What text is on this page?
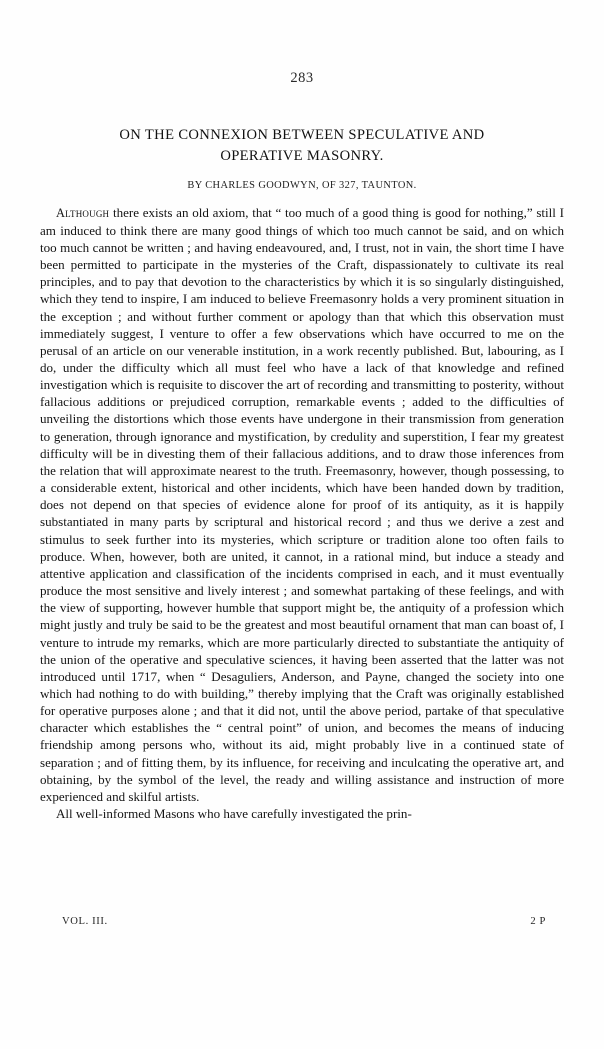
283
ON THE CONNEXION BETWEEN SPECULATIVE AND
OPERATIVE MASONRY.
BY CHARLES GOODWYN, OF 327, TAUNTON.

Although there exists an old axiom, that “ too much of a good thing is good for nothing,” still I am induced to think there are many good things of which too much cannot be said, and on which too much cannot be written ; and having endeavoured, and, I trust, not in vain, the short time I have been permitted to participate in the mysteries of the Craft, dispassionately to cultivate its real principles, and to pay that devotion to the characteristics by which it is so singularly distinguished, which they tend to inspire, I am induced to believe Freemasonry holds a very prominent situation in the exception ; and without further comment or apology than that which this observation must immediately suggest, I venture to offer a few observations which have occurred to me on the perusal of an article on our venerable institution, in a work recently published. But, labouring, as I do, under the difficulty which all must feel who have a lack of that knowledge and refined investigation which is requisite to discover the art of recording and transmitting to posterity, without fallacious additions or prejudiced corruption, remarkable events ; added to the difficulties of unveiling the distortions which those events have undergone in their transmission from generation to generation, through ignorance and mystification, by credulity and superstition, I fear my greatest difficulty will be in divesting them of their fallacious additions, and to draw those inferences from the relation that will approximate nearest to the truth. Freemasonry, however, though possessing, to a considerable extent, historical and other incidents, which have been handed down by tradition, does not depend on that species of evidence alone for proof of its antiquity, as it is happily substantiated in many parts by scriptural and historical record ; and thus we derive a zest and stimulus to seek further into its mysteries, which scripture or tradition alone too often fails to produce. When, however, both are united, it cannot, in a rational mind, but induce a steady and attentive application and classification of the incidents comprised in each, and it must eventually produce the most sensitive and lively interest ; and somewhat partaking of these feelings, and with the view of supporting, however humble that support might be, the antiquity of a profession which might justly and truly be said to be the greatest and most beautiful ornament that man can boast of, I venture to intrude my remarks, which are more particularly directed to substantiate the antiquity of the union of the operative and speculative sciences, it having been asserted that the latter was not introduced until 1717, when “ Desaguliers, Anderson, and Payne, changed the society into one which had nothing to do with building,” thereby implying that the Craft was originally established for operative purposes alone ; and that it did not, until the above period, partake of that speculative character which establishes the “ central point” of union, and becomes the means of inducing friendship among persons who, without its aid, might probably live in a continued state of separation ; and of fitting them, by its influence, for receiving and inculcating the operative art, and obtaining, by the symbol of the level, the ready and willing assistance and instruction of more experienced and skilful artists.

All well-informed Masons who have carefully investigated the prin-

VOL. III.	2 P
